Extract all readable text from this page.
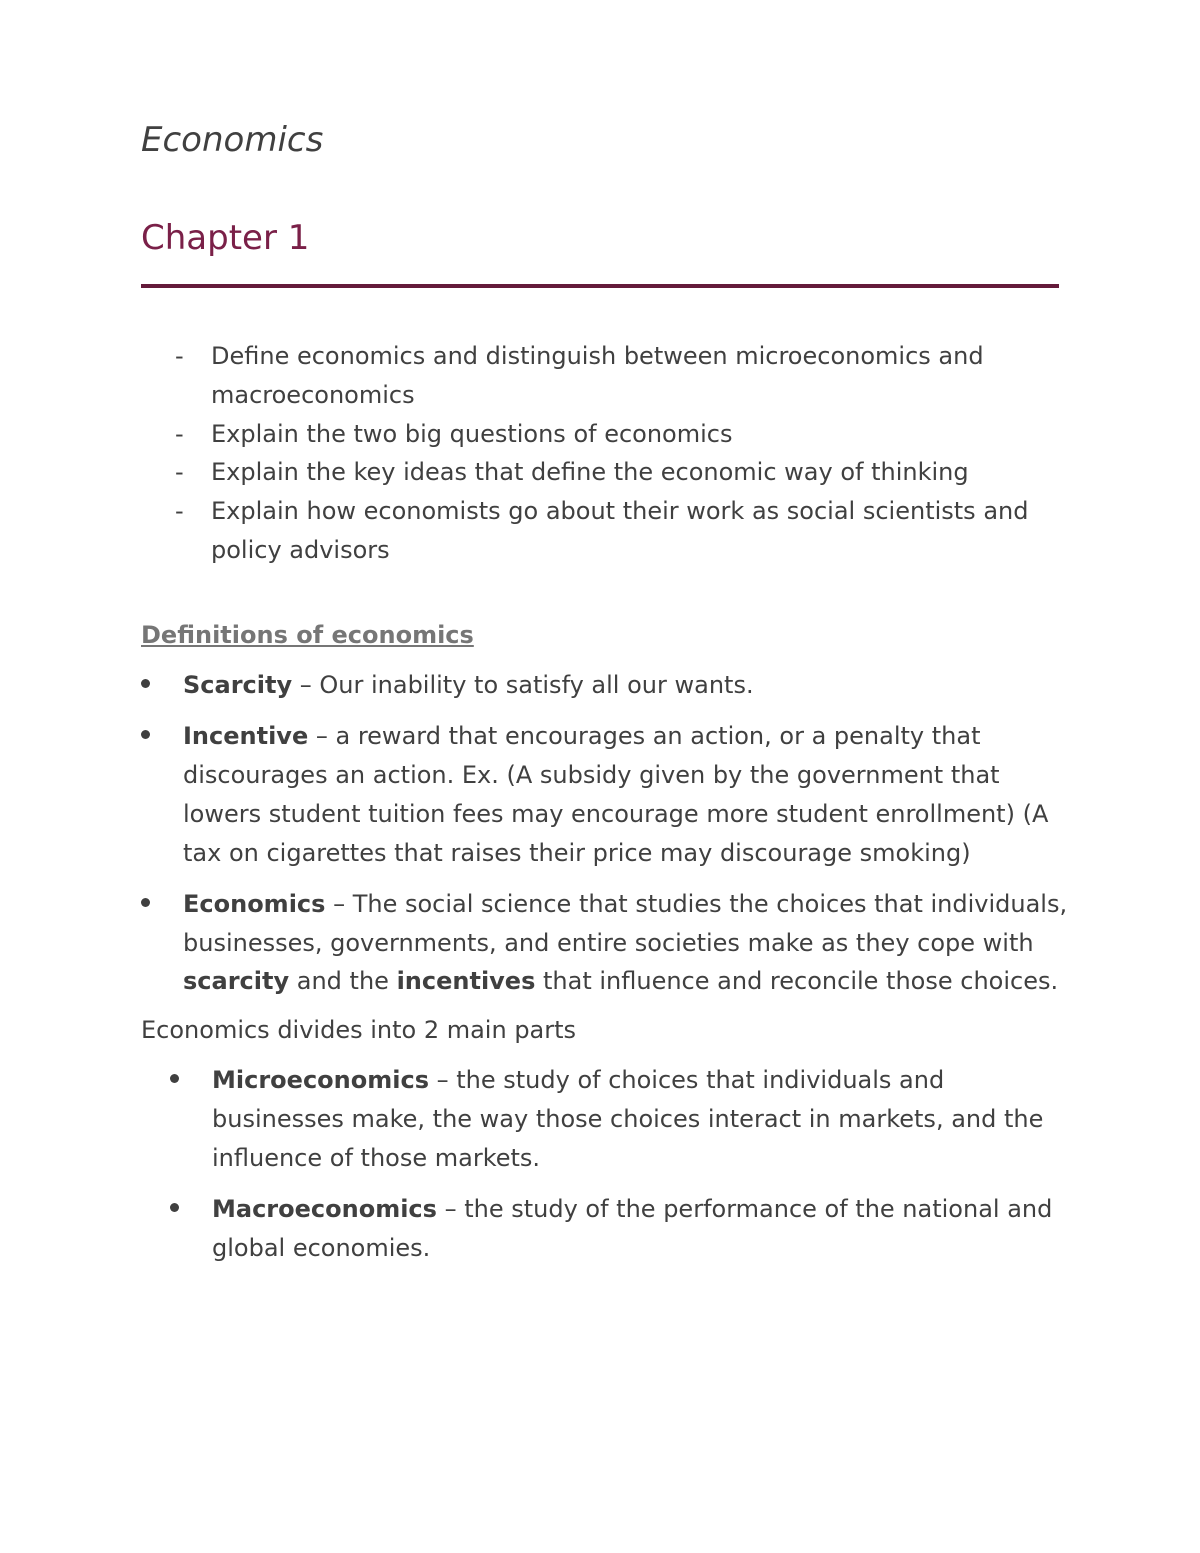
Economics
Chapter 1
- Define economics and distinguish between microeconomics and macroeconomics
- Explain the two big questions of economics
- Explain the key ideas that define the economic way of thinking
- Explain how economists go about their work as social scientists and policy advisors
Definitions of economics
Scarcity – Our inability to satisfy all our wants.
Incentive – a reward that encourages an action, or a penalty that discourages an action. Ex. (A subsidy given by the government that lowers student tuition fees may encourage more student enrollment) (A tax on cigarettes that raises their price may discourage smoking)
Economics – The social science that studies the choices that individuals, businesses, governments, and entire societies make as they cope with scarcity and the incentives that influence and reconcile those choices.

Economics divides into 2 main parts

Microeconomics – the study of choices that individuals and businesses make, the way those choices interact in markets, and the influence of those markets.
Macroeconomics – the study of the performance of the national and global economies.
